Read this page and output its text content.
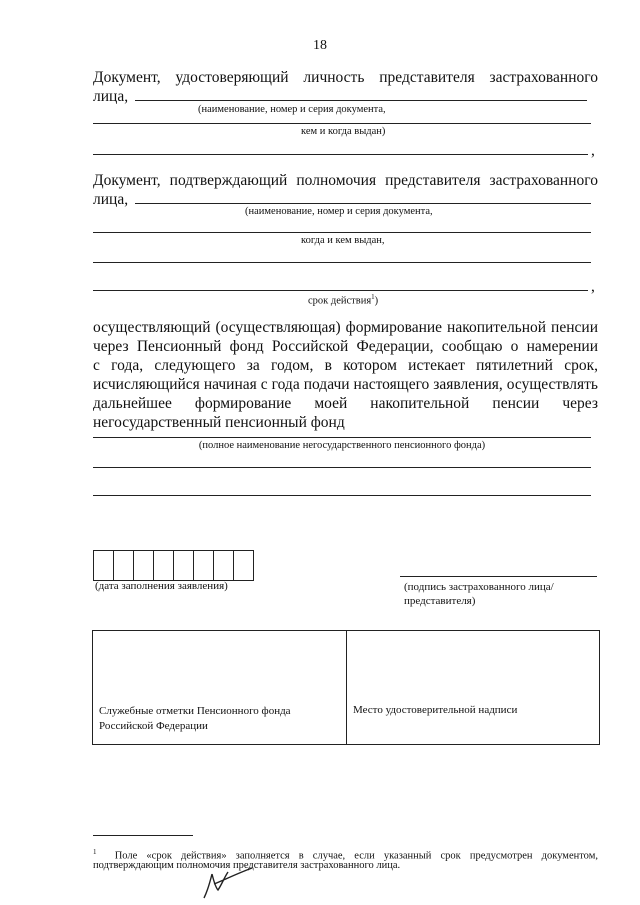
18
Документ, удостоверяющий личность представителя застрахованного
лица,
(наименование, номер и серия документа,
кем и когда выдан)
,
Документ, подтверждающий полномочия представителя застрахованного
лица,
(наименование, номер и серия документа,
когда и кем выдан,
,
срок действия$^1$)
осуществляющий (осуществляющая) формирование накопительной пенсии
через Пенсионный фонд Российской Федерации, сообщаю о намерении
с года, следующего за годом, в котором истекает пятилетний срок,
исчисляющийся начиная с года подачи настоящего заявления, осуществлять
дальнейшее формирование моей накопительной пенсии через
негосударственный пенсионный фонд
(полное наименование негосударственного пенсионного фонда)
(дата заполнения заявления)	(подпись застрахованного лица/
представителя)
Служебные отметки Пенсионного фонда
Российской Федерации
Место удостоверительной надписи
$^1$ Поле «срок действия» заполняется в случае, если указанный срок предусмотрен документом,
подтверждающим полномочия представителя застрахованного лица.
